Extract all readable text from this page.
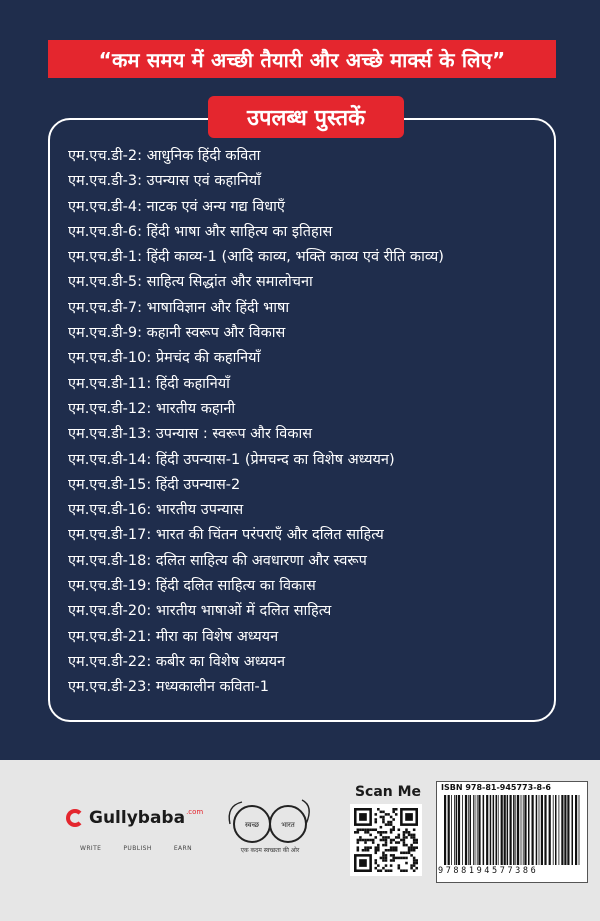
“कम समय में अच्छी तैयारी और अच्छे मार्क्स के लिए”
उपलब्ध पुस्तकें
एम.एच.डी-2: आधुनिक हिंदी कविता
एम.एच.डी-3: उपन्यास एवं कहानियाँ
एम.एच.डी-4: नाटक एवं अन्य गद्य विधाएँ
एम.एच.डी-6: हिंदी भाषा और साहित्य का इतिहास
एम.एच.डी-1: हिंदी काव्य-1 (आदि काव्य, भक्ति काव्य एवं रीति काव्य)
एम.एच.डी-5: साहित्य सिद्धांत और समालोचना
एम.एच.डी-7: भाषाविज्ञान और हिंदी भाषा
एम.एच.डी-9: कहानी स्वरूप और विकास
एम.एच.डी-10: प्रेमचंद की कहानियाँ
एम.एच.डी-11: हिंदी कहानियाँ
एम.एच.डी-12: भारतीय कहानी
एम.एच.डी-13: उपन्यास : स्वरूप और विकास
एम.एच.डी-14: हिंदी उपन्यास-1 (प्रेमचन्द का विशेष अध्ययन)
एम.एच.डी-15: हिंदी उपन्यास-2
एम.एच.डी-16: भारतीय उपन्यास
एम.एच.डी-17: भारत की चिंतन परंपराएँ और दलित साहित्य
एम.एच.डी-18: दलित साहित्य की अवधारणा और स्वरूप
एम.एच.डी-19: हिंदी दलित साहित्य का विकास
एम.एच.डी-20: भारतीय भाषाओं में दलित साहित्य
एम.एच.डी-21: मीरा का विशेष अध्ययन
एम.एच.डी-22: कबीर का विशेष अध्ययन
एम.एच.डी-23: मध्यकालीन कविता-1
Gullybaba .com
WRITE	PUBLISH	EARN
स्वच्छ	भारत
एक कदम स्वच्छता की ओर
Scan Me	ISBN 978-81-945773-8-6
9788194577386
